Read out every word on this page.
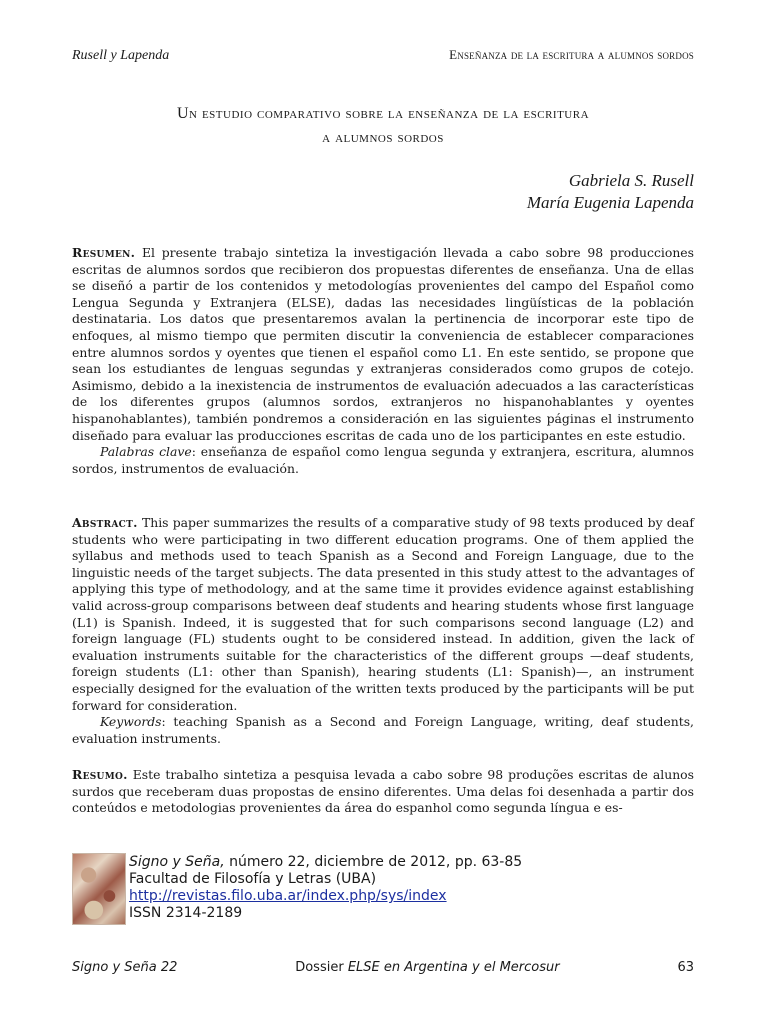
Rusell y Lapenda	Enseñanza de la escritura a alumnos sordos
Un estudio comparativo sobre la enseñanza de la escritura
a alumnos sordos
Gabriela S. Rusell
María Eugenia Lapenda

Resumen. El presente trabajo sintetiza la investigación llevada a cabo sobre 98 producciones escritas de alumnos sordos que recibieron dos propuestas diferentes de enseñanza. Una de ellas se diseñó a partir de los contenidos y metodologías provenientes del campo del Español como Lengua Segunda y Extranjera (ELSE), dadas las necesidades lingüísticas de la población destinataria. Los datos que presentaremos avalan la pertinencia de incorporar este tipo de enfoques, al mismo tiempo que permiten discutir la conveniencia de establecer comparaciones entre alumnos sordos y oyentes que tienen el español como L1. En este sentido, se propone que sean los estudiantes de lenguas segundas y extranjeras considerados como grupos de cotejo. Asimismo, debido a la inexistencia de instrumentos de evaluación adecuados a las características de los diferentes grupos (alumnos sordos, extranjeros no hispanohablantes y oyentes hispanohablantes), también pondremos a consideración en las siguientes páginas el instrumento diseñado para evaluar las producciones escritas de cada uno de los participantes en este estudio.

Palabras clave: enseñanza de español como lengua segunda y extranjera, escritura, alumnos sordos, instrumentos de evaluación.

Abstract. This paper summarizes the results of a comparative study of 98 texts produced by deaf students who were participating in two different education programs. One of them applied the syllabus and methods used to teach Spanish as a Second and Foreign Language, due to the linguistic needs of the target subjects. The data presented in this study attest to the advantages of applying this type of methodology, and at the same time it provides evidence against establishing valid across-group comparisons between deaf students and hearing students whose first language (L1) is Spanish. Indeed, it is suggested that for such comparisons second language (L2) and foreign language (FL) students ought to be considered instead. In addition, given the lack of evaluation instruments suitable for the characteristics of the different groups —deaf students, foreign students (L1: other than Spanish), hearing students (L1: Spanish)—, an instrument especially designed for the evaluation of the written texts produced by the participants will be put forward for consideration.

Keywords: teaching Spanish as a Second and Foreign Language, writing, deaf students, evaluation instruments.

Resumo. Este trabalho sintetiza a pesquisa levada a cabo sobre 98 produções escritas de alunos surdos que receberam duas propostas de ensino diferentes. Uma delas foi desenhada a partir dos conteúdos e metodologias provenientes da área do espanhol como segunda língua e es-

Signo y Seña, número 22, diciembre de 2012, pp. 63-85
Facultad de Filosofía y Letras (UBA)
http://revistas.filo.uba.ar/index.php/sys/index
ISSN 2314-2189
Signo y Seña 22	Dossier ELSE en Argentina y el Mercosur	63
